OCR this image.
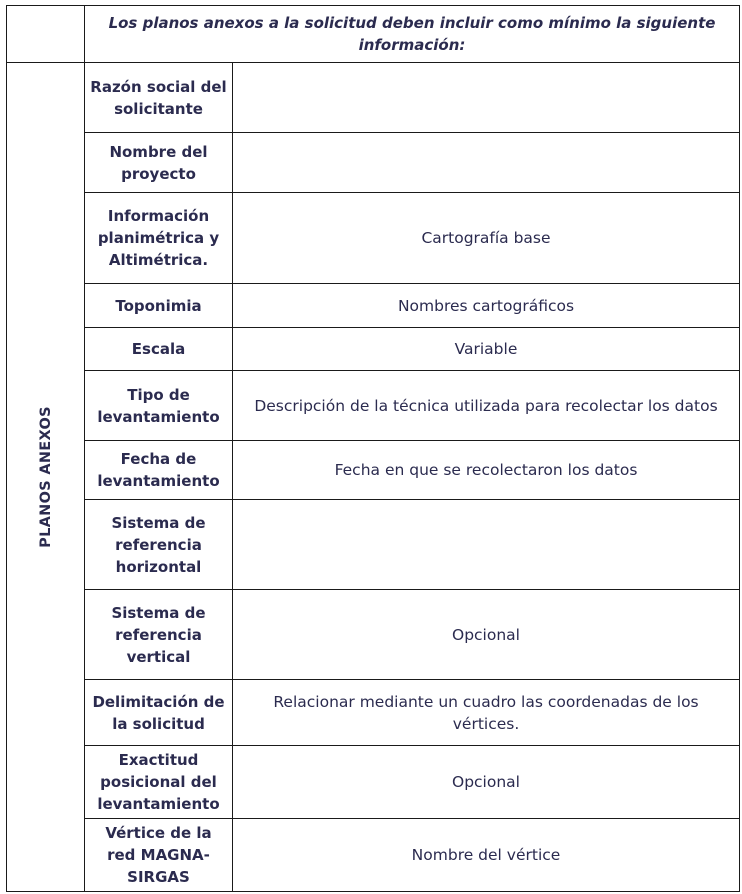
	Los planos anexos a la solicitud deben incluir como mínimo la siguiente información:	

PLANOS ANEXOS	Razón social del solicitante	
	Nombre del proyecto	
	Información planimétrica y Altimétrica.	Cartografía base
	Toponimia	Nombres cartográficos
	Escala	Variable
	Tipo de levantamiento	Descripción de la técnica utilizada para recolectar los datos
	Fecha de levantamiento	Fecha en que se recolectaron los datos
	Sistema de referencia horizontal	
	Sistema de referencia vertical	Opcional
	Delimitación de la solicitud	Relacionar mediante un cuadro las coordenadas de los vértices.
	Exactitud posicional del levantamiento	Opcional
	Vértice de la red MAGNA-SIRGAS	Nombre del vértice
